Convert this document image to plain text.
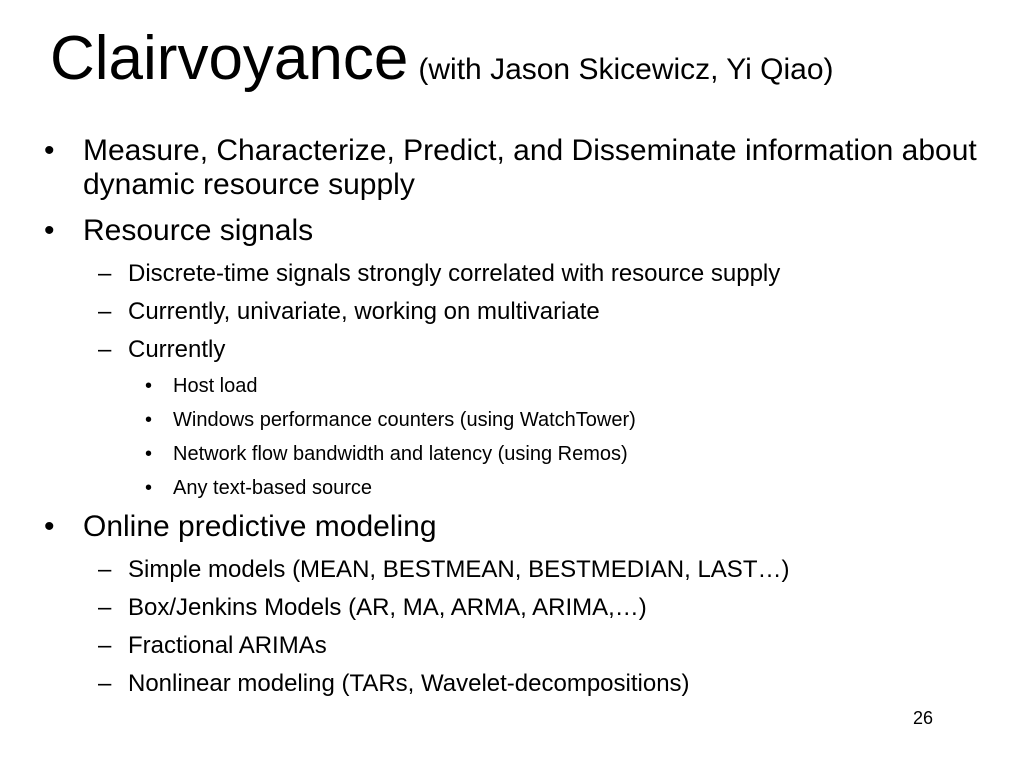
Clairvoyance (with Jason Skicewicz, Yi Qiao)
• Measure, Characterize, Predict, and Disseminate information about dynamic resource supply
• Resource signals
– Discrete-time signals strongly correlated with resource supply
– Currently, univariate, working on multivariate
– Currently
• Host load
• Windows performance counters (using WatchTower)
• Network flow bandwidth and latency (using Remos)
• Any text-based source
• Online predictive modeling
– Simple models (MEAN, BESTMEAN, BESTMEDIAN, LAST…)
– Box/Jenkins Models (AR, MA, ARMA, ARIMA,…)
– Fractional ARIMAs
– Nonlinear modeling (TARs, Wavelet-decompositions)
26
